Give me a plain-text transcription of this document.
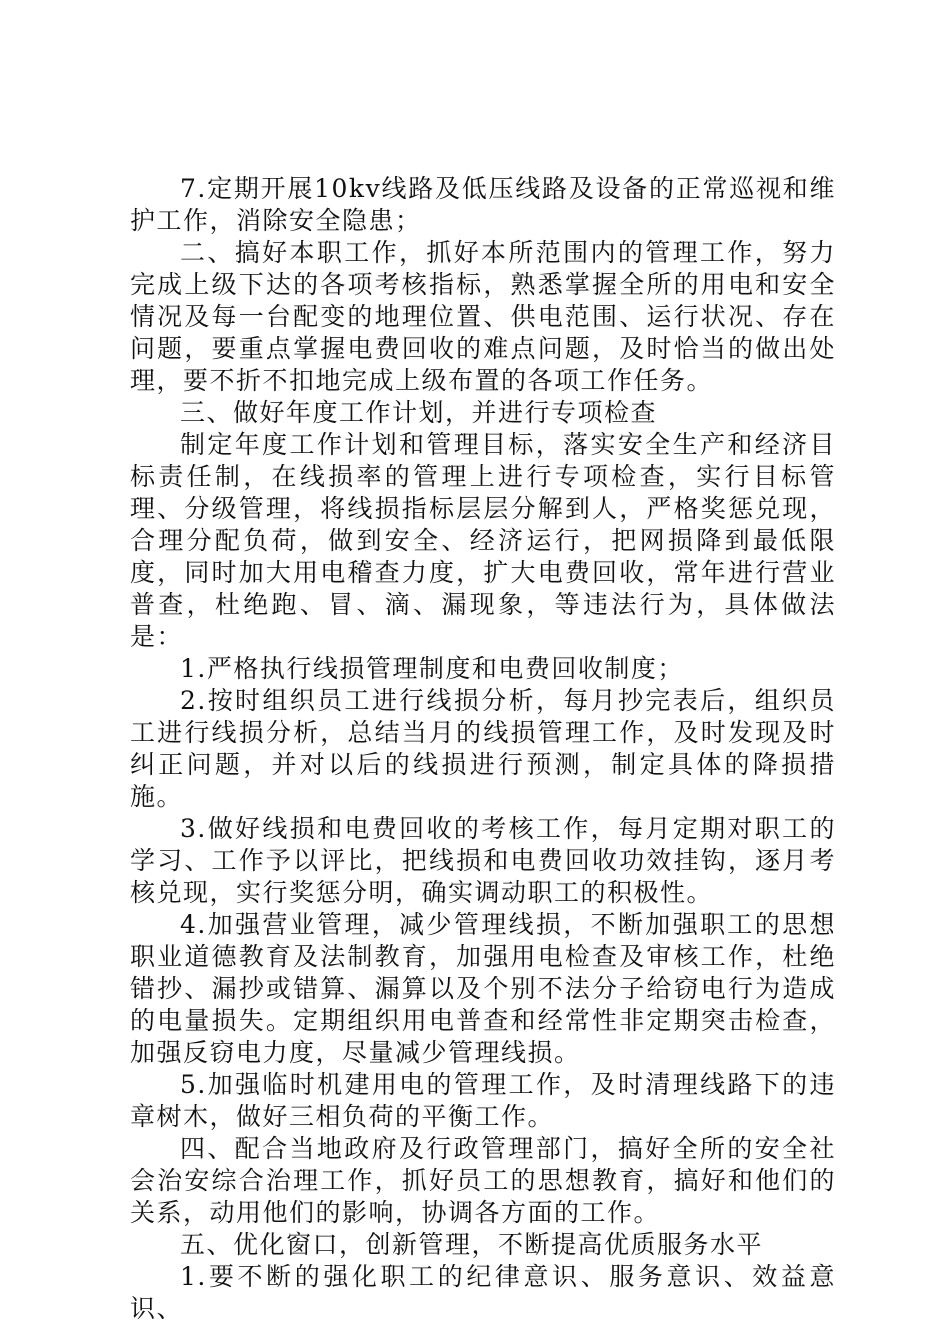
7.定期开展10kv线路及低压线路及设备的正常巡视和维护工作，消除安全隐患；

二、搞好本职工作，抓好本所范围内的管理工作，努力完成上级下达的各项考核指标，熟悉掌握全所的用电和安全情况及每一台配变的地理位置、供电范围、运行状况、存在问题，要重点掌握电费回收的难点问题，及时恰当的做出处理，要不折不扣地完成上级布置的各项工作任务。

三、做好年度工作计划，并进行专项检查

制定年度工作计划和管理目标，落实安全生产和经济目标责任制，在线损率的管理上进行专项检查，实行目标管理、分级管理，将线损指标层层分解到人，严格奖惩兑现，合理分配负荷，做到安全、经济运行，把网损降到最低限度，同时加大用电稽查力度，扩大电费回收，常年进行营业普查，杜绝跑、冒、滴、漏现象，等违法行为，具体做法是：

1.严格执行线损管理制度和电费回收制度；

2.按时组织员工进行线损分析，每月抄完表后，组织员工进行线损分析，总结当月的线损管理工作，及时发现及时纠正问题，并对以后的线损进行预测，制定具体的降损措施。

3.做好线损和电费回收的考核工作，每月定期对职工的学习、工作予以评比，把线损和电费回收功效挂钩，逐月考核兑现，实行奖惩分明，确实调动职工的积极性。

4.加强营业管理，减少管理线损，不断加强职工的思想职业道德教育及法制教育，加强用电检查及审核工作，杜绝错抄、漏抄或错算、漏算以及个别不法分子给窃电行为造成的电量损失。定期组织用电普查和经常性非定期突击检查，加强反窃电力度，尽量减少管理线损。

5.加强临时机建用电的管理工作，及时清理线路下的违章树木，做好三相负荷的平衡工作。

四、配合当地政府及行政管理部门，搞好全所的安全社会治安综合治理工作，抓好员工的思想教育，搞好和他们的关系，动用他们的影响，协调各方面的工作。

五、优化窗口，创新管理，不断提高优质服务水平

1.要不断的强化职工的纪律意识、服务意识、效益意识、
